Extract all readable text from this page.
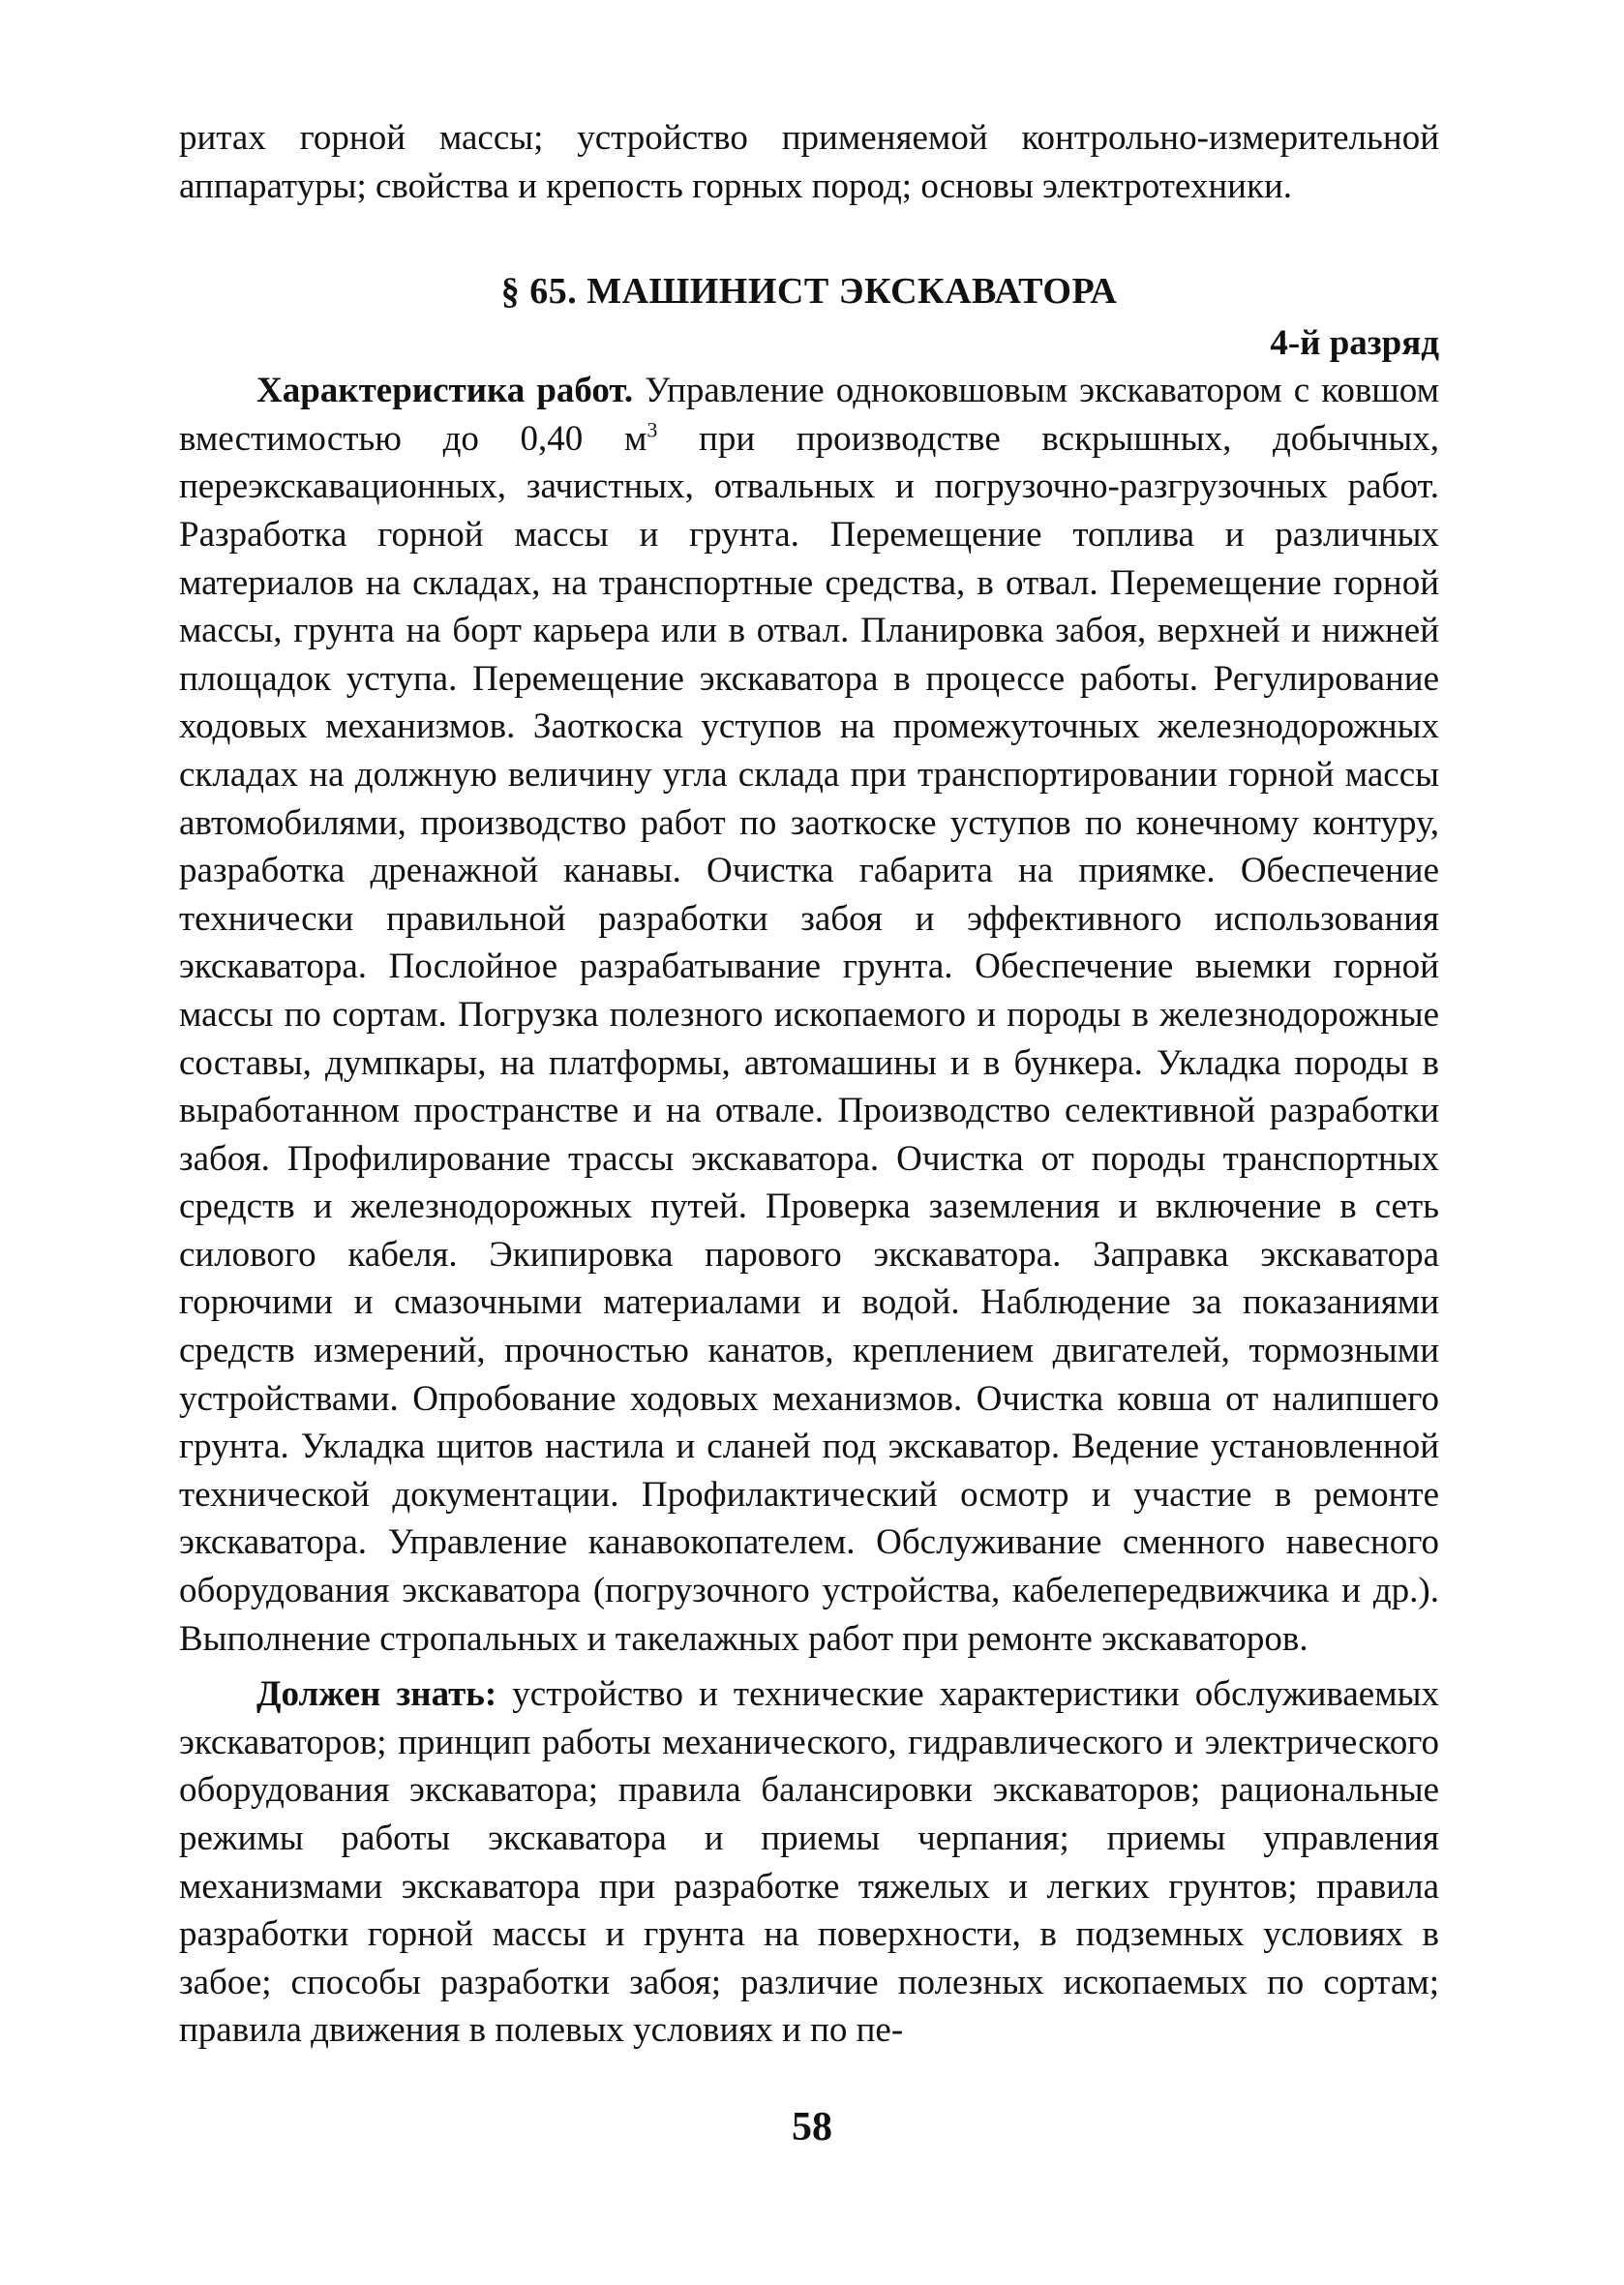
ритах горной массы; устройство применяемой контрольно-измерительной аппаратуры; свойства и крепость горных пород; основы электротехники.

§ 65. МАШИНИСТ ЭКСКАВАТОРА
4-й разряд

Характеристика работ. Управление одноковшовым экскаватором с ковшом вместимостью до 0,40 $м^3$ при производстве вскрышных, добычных, переэкскавационных, зачистных, отвальных и погрузочно-разгрузочных работ. Разработка горной массы и грунта. Перемещение топлива и различных материалов на складах, на транспортные средства, в отвал. Перемещение горной массы, грунта на борт карьера или в отвал. Планировка забоя, верхней и нижней площадок уступа. Перемещение экскаватора в процессе работы. Регулирование ходовых механизмов. Заоткоска уступов на промежуточных железнодорожных складах на должную величину угла склада при транспортировании горной массы автомобилями, производство работ по заоткоске уступов по конечному контуру, разработка дренажной канавы. Очистка габарита на приямке. Обеспечение технически правильной разработки забоя и эффективного использования экскаватора. Послойное разрабатывание грунта. Обеспечение выемки горной массы по сортам. Погрузка полезного ископаемого и породы в железнодорожные составы, думпкары, на платформы, автомашины и в бункера. Укладка породы в выработанном пространстве и на отвале. Производство селективной разработки забоя. Профилирование трассы экскаватора. Очистка от породы транспортных средств и железнодорожных путей. Проверка заземления и включение в сеть силового кабеля. Экипировка парового экскаватора. Заправка экскаватора горючими и смазочными материалами и водой. Наблюдение за показаниями средств измерений, прочностью канатов, креплением двигателей, тормозными устройствами. Опробование ходовых механизмов. Очистка ковша от налипшего грунта. Укладка щитов настила и сланей под экскаватор. Ведение установленной технической документации. Профилактический осмотр и участие в ремонте экскаватора. Управление канавокопателем. Обслуживание сменного навесного оборудования экскаватора (погрузочного устройства, кабелепередвижчика и др.). Выполнение стропальных и такелажных работ при ремонте экскаваторов.

Должен знать: устройство и технические характеристики обслуживаемых экскаваторов; принцип работы механического, гидравлического и электрического оборудования экскаватора; правила балансировки экскаваторов; рациональные режимы работы экскаватора и приемы черпания; приемы управления механизмами экскаватора при разработке тяжелых и легких грунтов; правила разработки горной массы и грунта на поверхности, в подземных условиях в забое; способы разработки забоя; различие полезных ископаемых по сортам; правила движения в полевых условиях и по пе-

58
